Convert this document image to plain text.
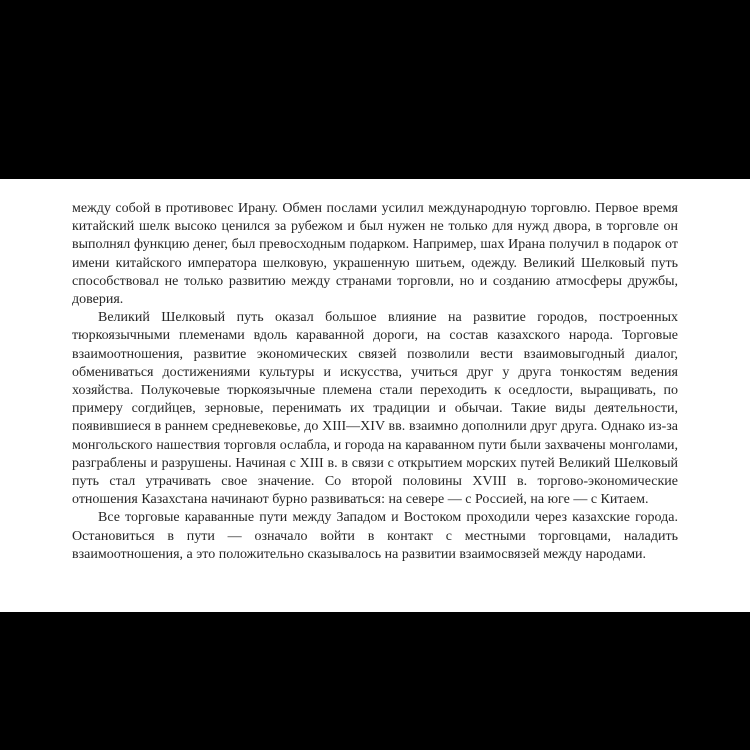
между собой в противовес Ирану. Обмен послами усилил международную торговлю. Первое время китайский шелк высоко ценился за рубежом и был нужен не только для нужд двора, в торговле он выполнял функцию денег, был превосходным подарком. Например, шах Ирана получил в подарок от имени китайского императора шелковую, украшенную шитьем, одежду. Великий Шелковый путь способствовал не только развитию между странами торговли, но и созданию атмосферы дружбы, доверия.

Великий Шелковый путь оказал большое влияние на развитие городов, построенных тюркоязычными племенами вдоль караванной дороги, на состав казахского народа. Торговые взаимоотношения, развитие экономических связей позволили вести взаимовыгодный диалог, обмениваться достижениями культуры и искусства, учиться друг у друга тонкостям ведения хозяйства. Полукочевые тюркоязычные племена стали переходить к оседлости, выращивать, по примеру согдийцев, зерновые, перенимать их традиции и обычаи. Такие виды деятельности, появившиеся в раннем средневековье, до XIII—XIV вв. взаимно дополнили друг друга. Однако из-за монгольского нашествия торговля ослабла, и города на караванном пути были захвачены монголами, разграблены и разрушены. Начиная с XIII в. в связи с открытием морских путей Великий Шелковый путь стал утрачивать свое значение. Со второй половины XVIII в. торгово-экономические отношения Казахстана начинают бурно развиваться: на севере — с Россией, на юге — с Китаем.

Все торговые караванные пути между Западом и Востоком проходили через казахские города. Остановиться в пути — означало войти в контакт с местными торговцами, наладить взаимоотношения, а это положительно сказывалось на развитии взаимосвязей между народами.
